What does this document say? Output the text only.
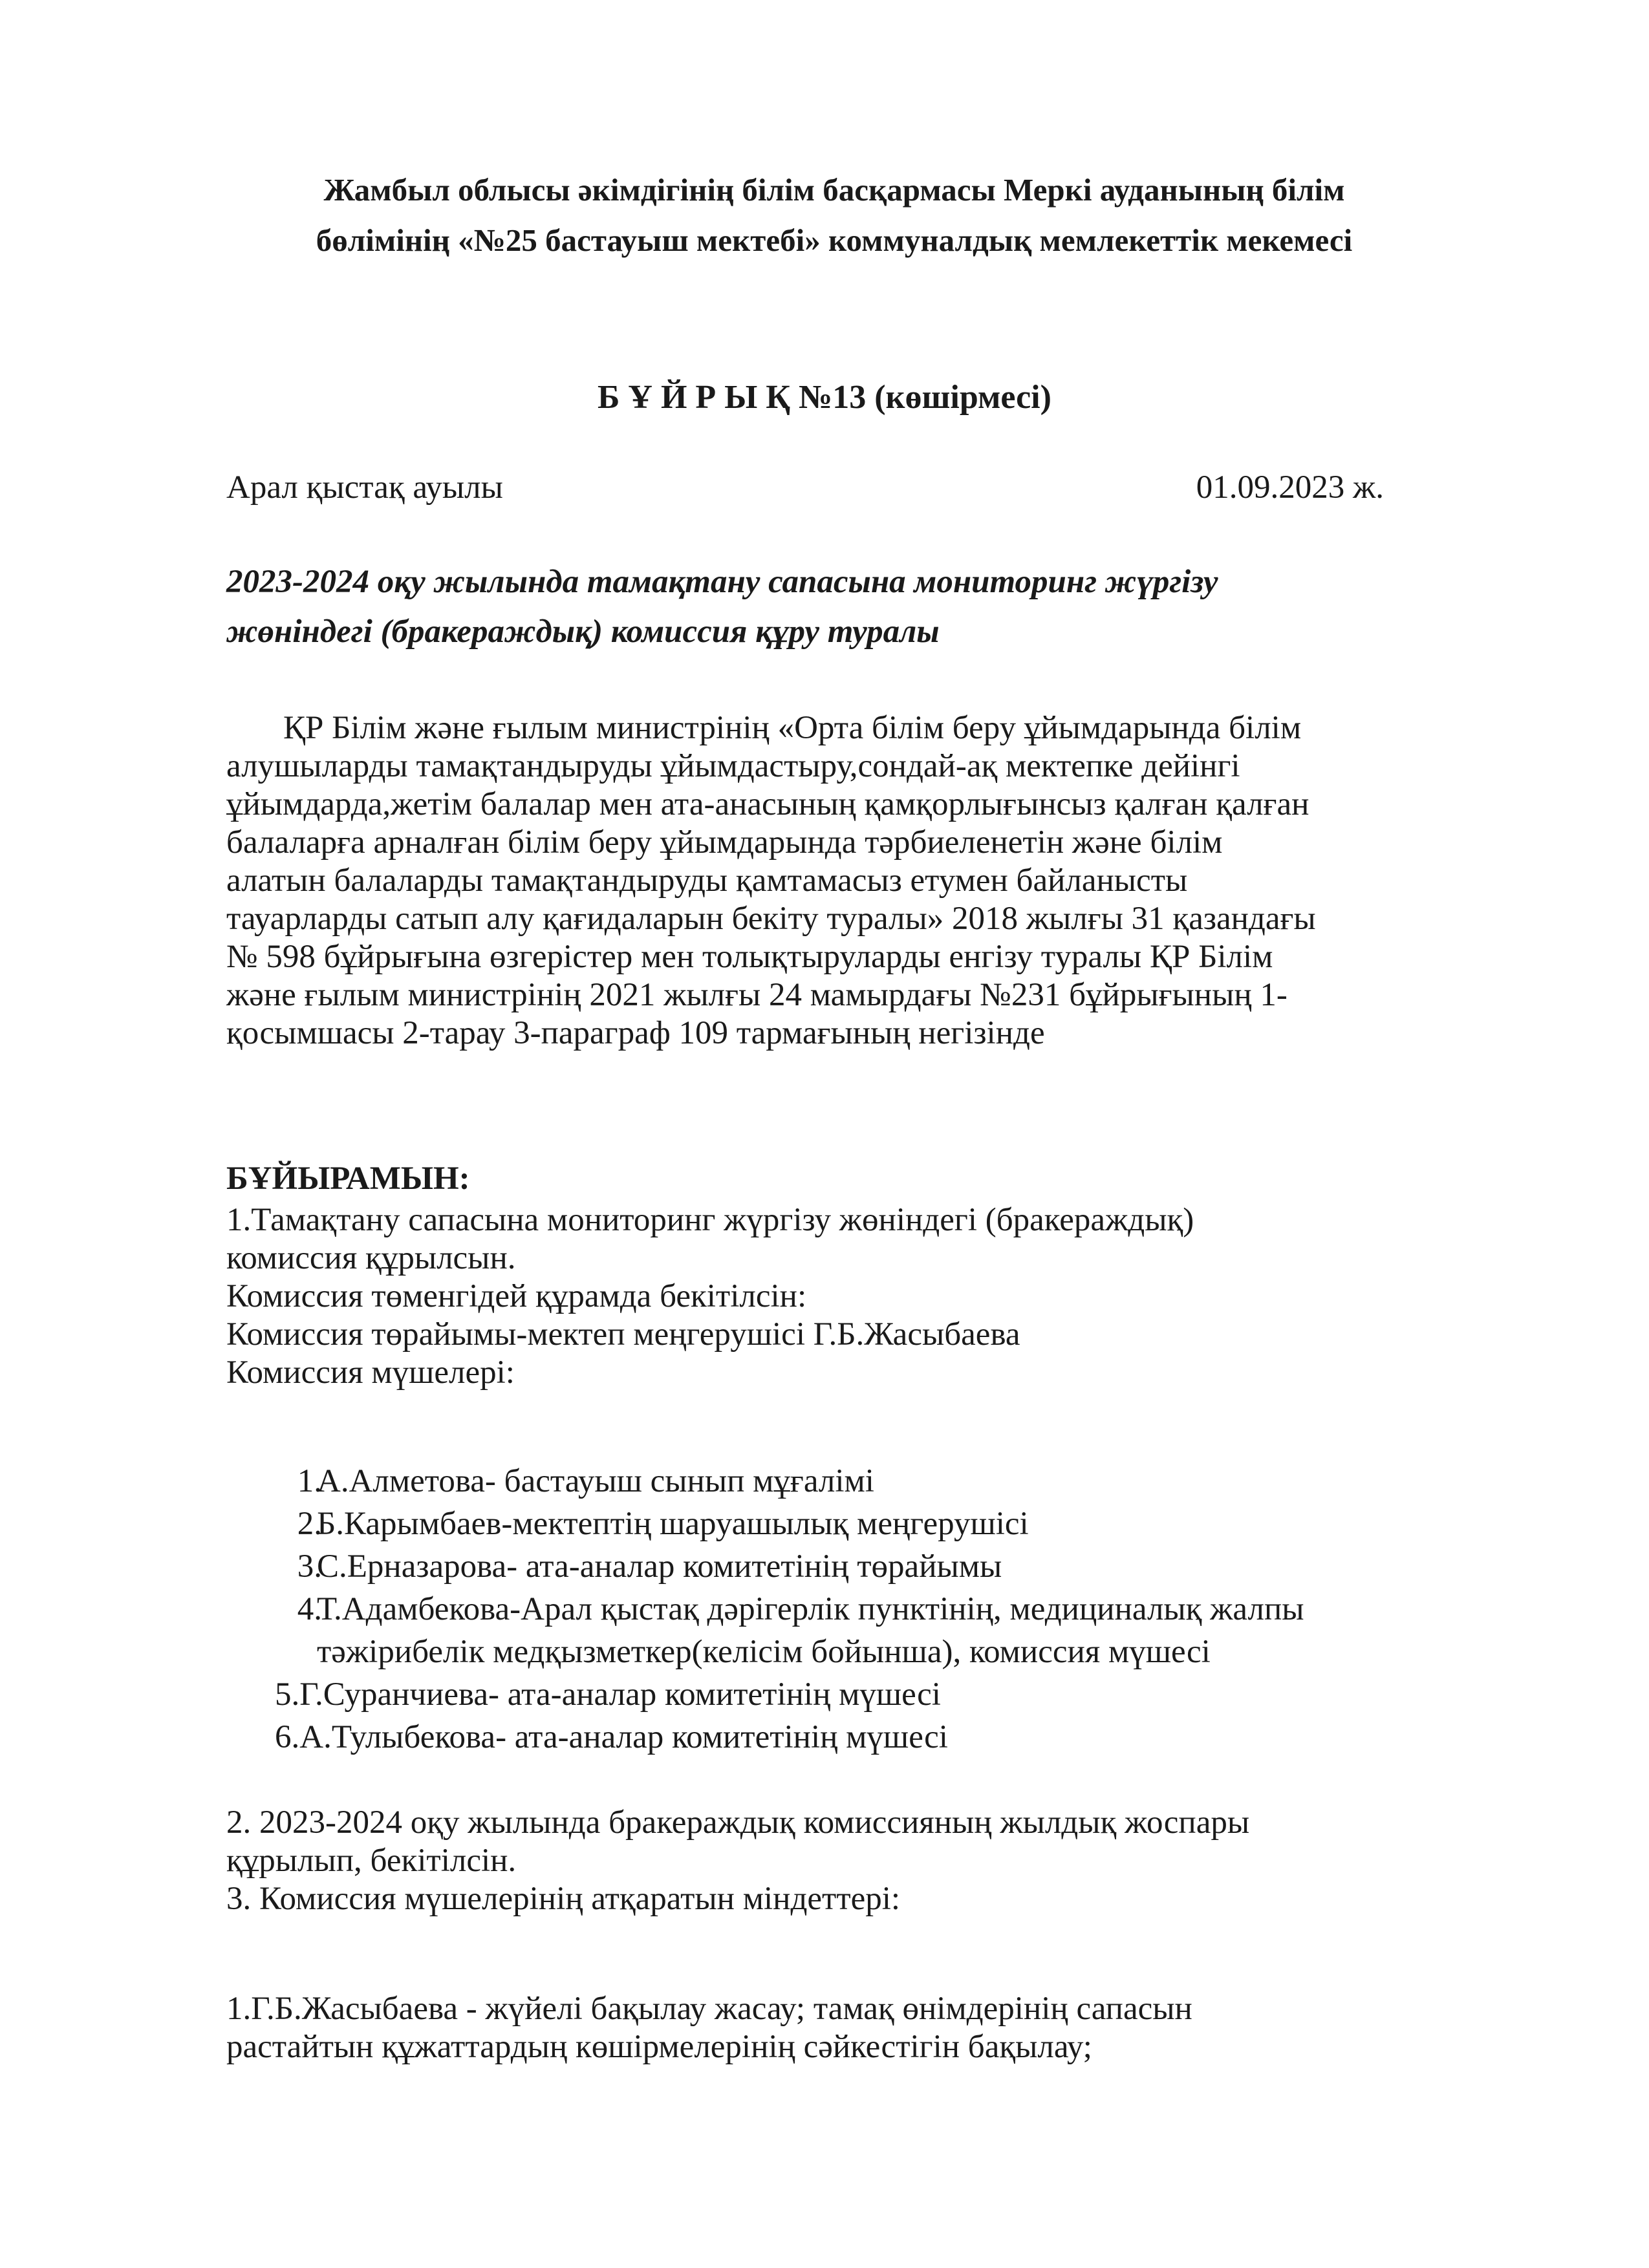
Жамбыл облысы әкімдігінің білім басқармасы Меркі ауданының білім
бөлімінің «№25 бастауыш мектебі» коммуналдық мемлекеттік мекемесі
Б Ұ Й Р Ы Қ №13 (көшірмесі)
Арал қыстақ ауылы	01.09.2023 ж.
2023-2024 оқу жылында тамақтану сапасына мониторинг жүргізу
жөніндегі (бракераждық) комиссия құру туралы
ҚР Білім және ғылым министрінің «Орта білім беру ұйымдарында білім
алушыларды тамақтандыруды ұйымдастыру,сондай-ақ мектепке дейінгі
ұйымдарда,жетім балалар мен ата-анасының қамқорлығынсыз қалған қалған
балаларға арналған білім беру ұйымдарында тәрбиеленетін және білім
алатын балаларды тамақтандыруды қамтамасыз етумен байланысты
тауарларды сатып алу қағидаларын бекіту туралы» 2018 жылғы 31 қазандағы
№ 598 бұйрығына өзгерістер мен толықтыруларды енгізу туралы ҚР Білім
және ғылым министрінің 2021 жылғы 24 мамырдағы №231 бұйрығының 1-
қосымшасы 2-тарау 3-параграф 109 тармағының негізінде
БҰЙЫРАМЫН:
1.Тамақтану сапасына мониторинг жүргізу жөніндегі (бракераждық)
комиссия құрылсын.
Комиссия төменгідей құрамда бекітілсін:
Комиссия төрайымы-мектеп меңгерушісі Г.Б.Жасыбаева
Комиссия мүшелері:
1.
А.Алметова- бастауыш сынып мұғалімі
2.
Б.Карымбаев-мектептің шаруашылық меңгерушісі
3.
С.Ерназарова- ата-аналар комитетінің төрайымы
4.
Т.Адамбекова-Арал қыстақ дәрігерлік пунктінің, медициналық жалпы
тәжірибелік медқызметкер(келісім бойынша), комиссия мүшесі
5.Г.Суранчиева- ата-аналар комитетінің мүшесі
6.А.Тулыбекова- ата-аналар комитетінің мүшесі
2. 2023-2024 оқу жылында бракераждық комиссияның жылдық жоспары
құрылып, бекітілсін.
3. Комиссия мүшелерінің атқаратын міндеттері:
1.Г.Б.Жасыбаева - жүйелі бақылау жасау; тамақ өнімдерінің сапасын
растайтын құжаттардың көшірмелерінің сәйкестігін бақылау;
